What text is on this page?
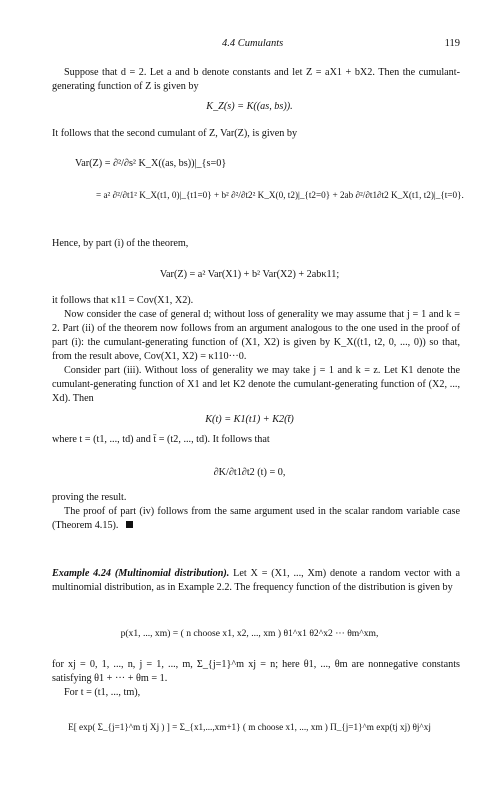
4.4 Cumulants	119
Suppose that d = 2. Let a and b denote constants and let Z = aX1 + bX2. Then the cumulant-generating function of Z is given by
K_Z(s) = K((as, bs)).
It follows that the second cumulant of Z, Var(Z), is given by
Var(Z) = ∂²/∂s² K_X((as, bs))|_{s=0}
= a² ∂²/∂t1² K_X(t1, 0)|_{t1=0} + b² ∂²/∂t2² K_X(0, t2)|_{t2=0} + 2ab ∂²/∂t1∂t2 K_X(t1, t2)|_{t=0}.
Hence, by part (i) of the theorem,
Var(Z) = a² Var(X1) + b² Var(X2) + 2abκ11;
it follows that κ11 = Cov(X1, X2).
Now consider the case of general d; without loss of generality we may assume that j = 1 and k = 2. Part (ii) of the theorem now follows from an argument analogous to the one used in the proof of part (i): the cumulant-generating function of (X1, X2) is given by K_X((t1, t2, 0, ..., 0)) so that, from the result above, Cov(X1, X2) = κ110···0.
Consider part (iii). Without loss of generality we may take j = 1 and k = z. Let K1 denote the cumulant-generating function of X1 and let K2 denote the cumulant-generating function of (X2, ..., Xd). Then
K(t) = K1(t1) + K2(t̄)
where t = (t1, ..., td) and t̄ = (t2, ..., td). It follows that
∂K/∂t1∂t2 (t) = 0,
proving the result.
The proof of part (iv) follows from the same argument used in the scalar random variable case (Theorem 4.15).
Example 4.24 (Multinomial distribution). Let X = (X1, ..., Xm) denote a random vector with a multinomial distribution, as in Example 2.2. The frequency function of the distribution is given by
p(x1, ..., xm) = ( n choose x1, x2, ..., xm ) θ1^x1 θ2^x2 ··· θm^xm,
for xj = 0, 1, ..., n, j = 1, ..., m, Σ_{j=1}^m xj = n; here θ1, ..., θm are nonnegative constants satisfying θ1 + ··· + θm = 1.
For t = (t1, ..., tm),
E[ exp( Σ_{j=1}^m tj Xj ) ] = Σ_{x1,...,xm+1} ( m choose x1, ..., xm ) Π_{j=1}^m exp(tj xj) θj^xj
